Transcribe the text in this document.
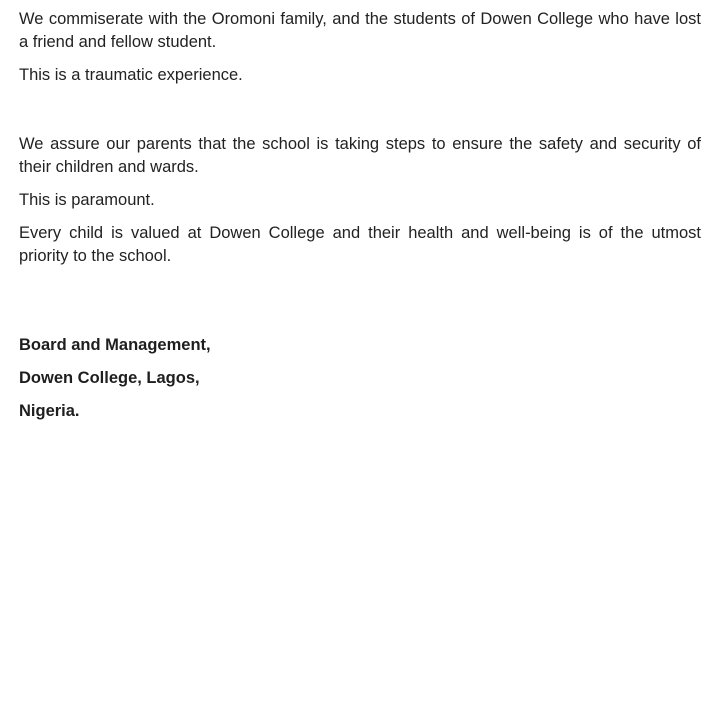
We commiserate with the Oromoni family, and the students of Dowen College who have lost a friend and fellow student.

This is a traumatic experience.

We assure our parents that the school is taking steps to ensure the safety and security of their children and wards.

This is paramount.

Every child is valued at Dowen College and their health and well-being is of the utmost priority to the school.

Board and Management,

Dowen College, Lagos,

Nigeria.
